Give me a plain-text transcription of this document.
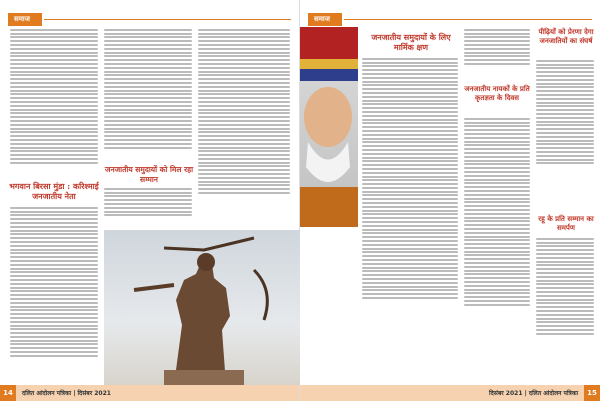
समाज
भगवान बिरसा मुंडा : करिश्माई जनजातीय नेता
जनजातीय समुदायों को मिल रहा सम्मान
14	दलित आंदोलन पत्रिका | दिसंबर 2021
समाज
जनजातीय समुदायों के लिए मार्मिक क्षण
जनजातीय नायकों के प्रति कृतज्ञता के दिवस
पीढ़ियों को प्रेरणा देगा जनजातियों का संघर्ष
रहू के प्रति सम्मान का समर्पण
15
दिसंबर 2021 | दलित आंदोलन पत्रिका
